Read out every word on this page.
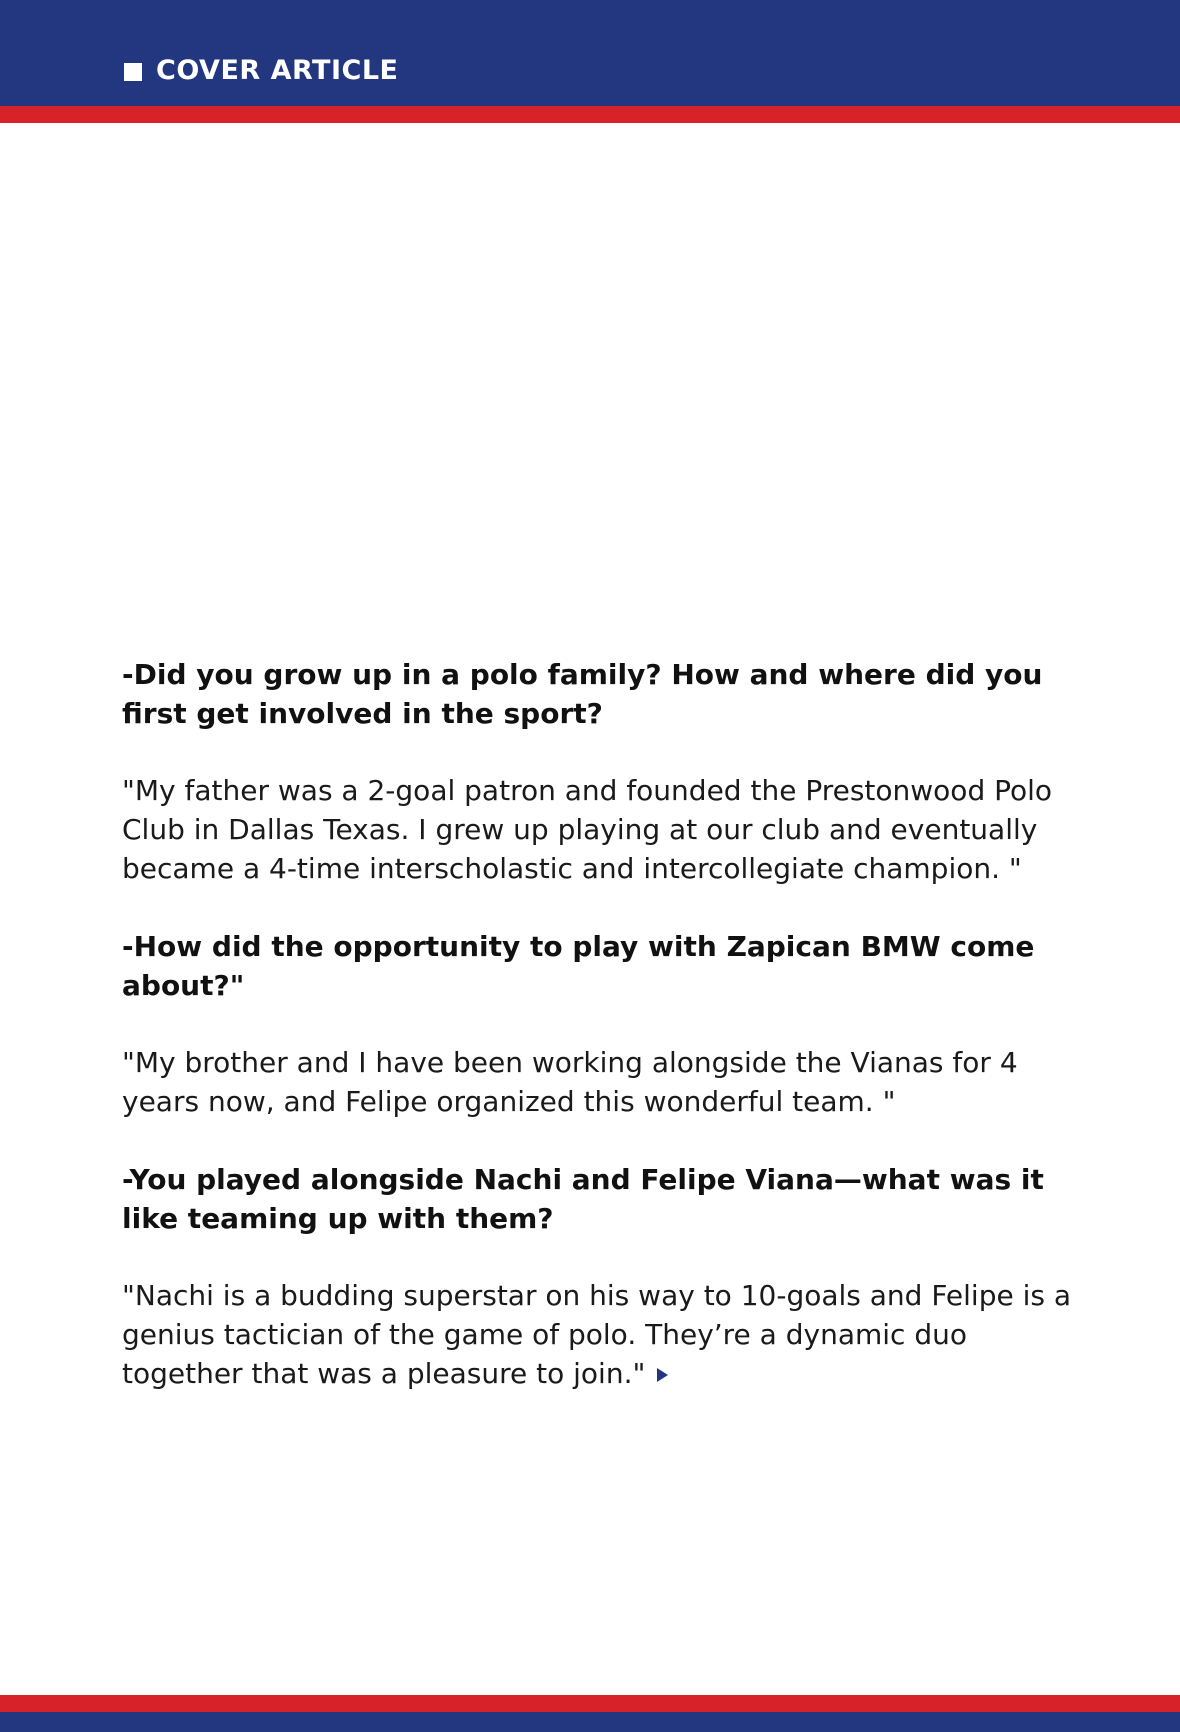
COVER ARTICLE

-Did you grow up in a polo family? How and where did you first get involved in the sport?

"My father was a 2-goal patron and founded the Prestonwood Polo Club in Dallas Texas. I grew up playing at our club and eventually became a 4-time interscholastic and intercollegiate champion. "

-How did the opportunity to play with Zapican BMW come about?"

"My brother and I have been working alongside the Vianas for 4 years now, and Felipe organized this wonderful team. "

-You played alongside Nachi and Felipe Viana—what was it like teaming up with them?

"Nachi is a budding superstar on his way to 10-goals and Felipe is a genius tactician of the game of polo. They’re a dynamic duo together that was a pleasure to join."
